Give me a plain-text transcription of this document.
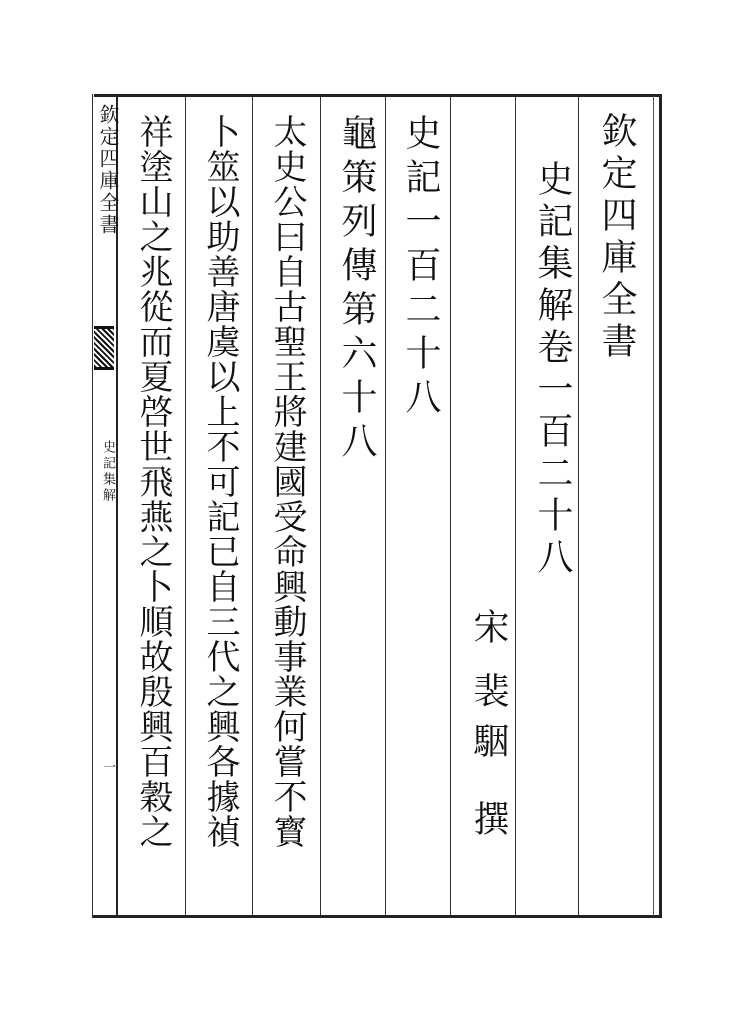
欽定四庫全書
史記集解卷一百二十八
宋
裴駰
撰
史記一百二十八
龜策列傳第六十八
太史公曰自古聖王將建國受命興動事業何嘗不寳
卜筮以助善唐虞以上不可記已自三代之興各據禎
祥塗山之兆從而夏啓世飛燕之卜順故殷興百穀之
欽定四庫全書
史記集解
一
